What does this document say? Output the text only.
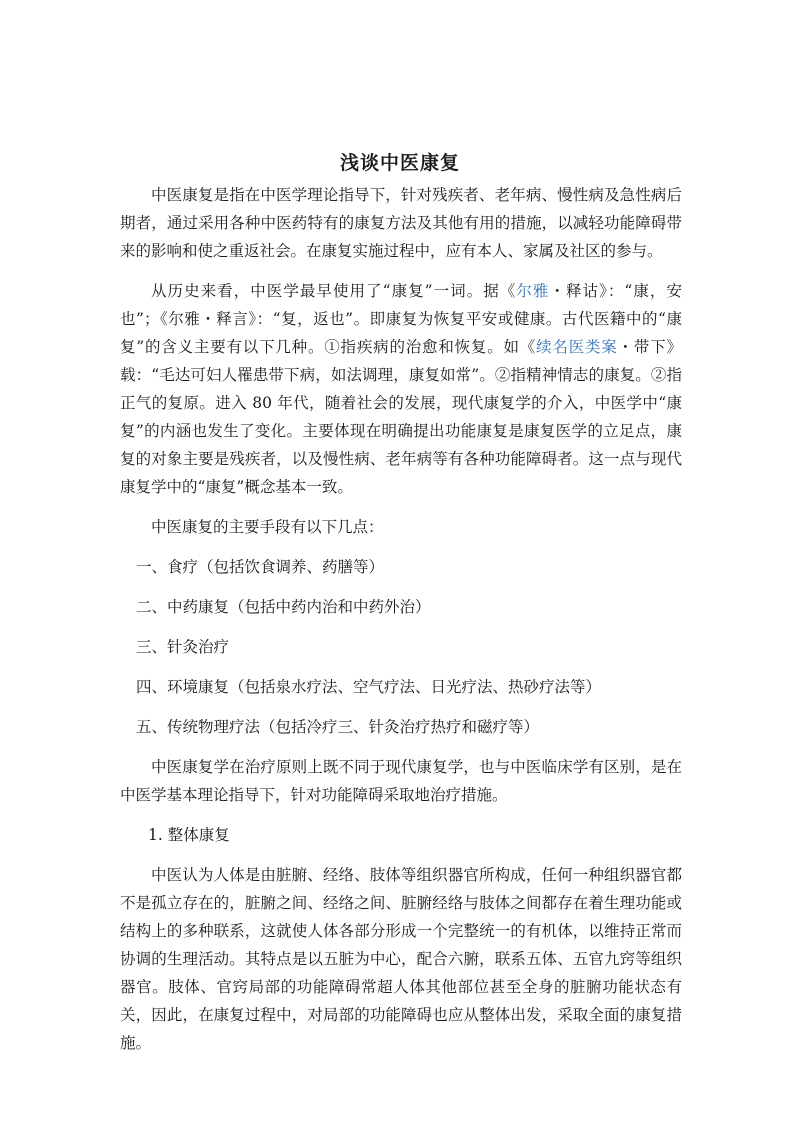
浅谈中医康复

中医康复是指在中医学理论指导下，针对残疾者、老年病、慢性病及急性病后期者，通过采用各种中医药特有的康复方法及其他有用的措施，以减轻功能障碍带来的影响和使之重返社会。在康复实施过程中，应有本人、家属及社区的参与。

从历史来看，中医学最早使用了“康复”一词。据《尔雅・释诂》：“康，安也”；《尔雅・释言》：“复，返也”。即康复为恢复平安或健康。古代医籍中的“康复”的含义主要有以下几种。①指疾病的治愈和恢复。如《续名医类案・带下》载：“毛达可妇人罹患带下病，如法调理，康复如常”。②指精神情志的康复。②指正气的复原。进入 80 年代，随着社会的发展，现代康复学的介入，中医学中“康复”的内涵也发生了变化。主要体现在明确提出功能康复是康复医学的立足点，康复的对象主要是残疾者，以及慢性病、老年病等有各种功能障碍者。这一点与现代康复学中的“康复”概念基本一致。

中医康复的主要手段有以下几点：

一、食疗（包括饮食调养、药膳等）

二、中药康复（包括中药内治和中药外治）

三、针灸治疗

四、环境康复（包括泉水疗法、空气疗法、日光疗法、热砂疗法等）

五、传统物理疗法（包括冷疗三、针灸治疗热疗和磁疗等）

中医康复学在治疗原则上既不同于现代康复学，也与中医临床学有区别，是在中医学基本理论指导下，针对功能障碍采取地治疗措施。

1. 整体康复

中医认为人体是由脏腑、经络、肢体等组织器官所构成，任何一种组织器官都不是孤立存在的，脏腑之间、经络之间、脏腑经络与肢体之间都存在着生理功能或结构上的多种联系，这就使人体各部分形成一个完整统一的有机体，以维持正常而协调的生理活动。其特点是以五脏为中心，配合六腑，联系五体、五官九窍等组织器官。肢体、官窍局部的功能障碍常超人体其他部位甚至全身的脏腑功能状态有关，因此，在康复过程中，对局部的功能障碍也应从整体出发，采取全面的康复措施。
